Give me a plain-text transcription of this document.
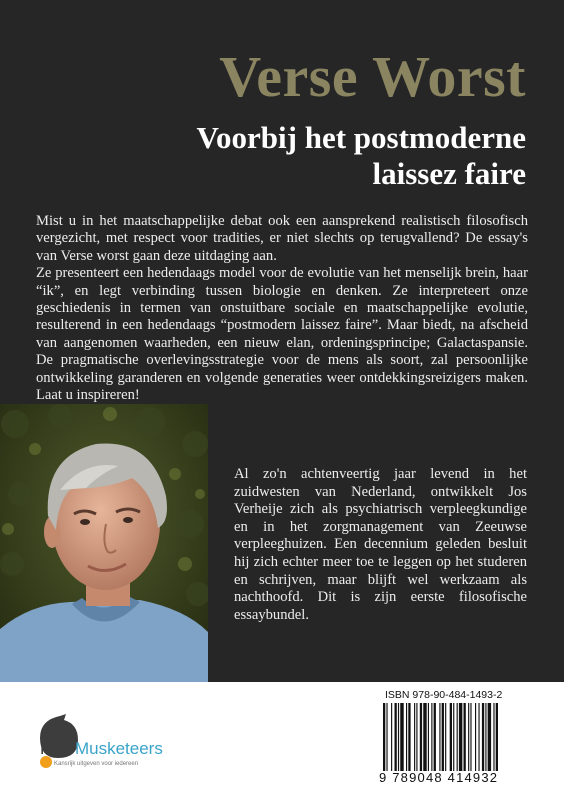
Verse Worst
Voorbij het postmoderne laissez faire

Mist u in het maatschappelijke debat ook een aansprekend realistisch filosofisch vergezicht, met respect voor tradities, er niet slechts op terugvallend? De essay's van Verse worst gaan deze uitdaging aan.

Ze presenteert een hedendaags model voor de evolutie van het menselijk brein, haar “ik”, en legt verbinding tussen biologie en denken. Ze interpreteert onze geschiedenis in termen van onstuitbare sociale en maatschappelijke evolutie, resulterend in een hedendaags “postmodern laissez faire”. Maar biedt, na afscheid van aangenomen waarheden, een nieuw elan, ordeningsprincipe; Galactaspansie. De pragmatische overlevingsstrategie voor de mens als soort, zal persoonlijke ontwikkeling garanderen en volgende generaties weer ontdekkingsreizigers maken. Laat u inspireren!

Al zo'n achtenveertig jaar levend in het zuidwesten van Nederland, ontwikkelt Jos Verheije zich als psychiatrisch verpleegkundige en in het zorgmanagement van Zeeuwse verpleeghuizen. Een decennium geleden besluit hij zich echter meer toe te leggen op het studeren en schrijven, maar blijft wel werkzaam als nachthoofd. Dit is zijn eerste filosofische essaybundel.
FreeMusketeers
Kansrijk uitgeven voor iedereen
ISBN 978-90-484-1493-2
9 789048 414932
